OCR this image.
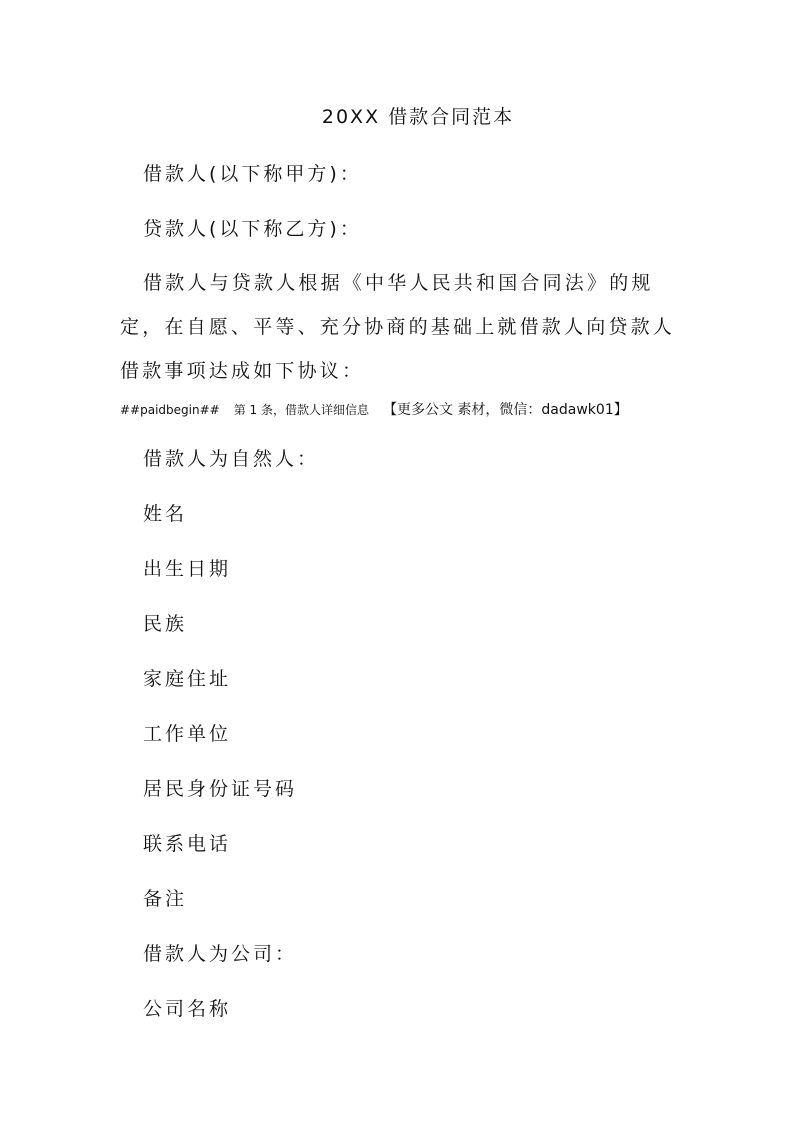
20XX 借款合同范本
借款人(以下称甲方)：
贷款人(以下称乙方)：
借款人与贷款人根据《中华人民共和国合同法》的规定，在自愿、平等、充分协商的基础上就借款人向贷款人借款事项达成如下协议：
##paidbegin## 第 1 条，借款人详细信息 【更多公文 素材，微信：dadawk01】
借款人为自然人：
姓名
出生日期
民族
家庭住址
工作单位
居民身份证号码
联系电话
备注
借款人为公司：
公司名称
